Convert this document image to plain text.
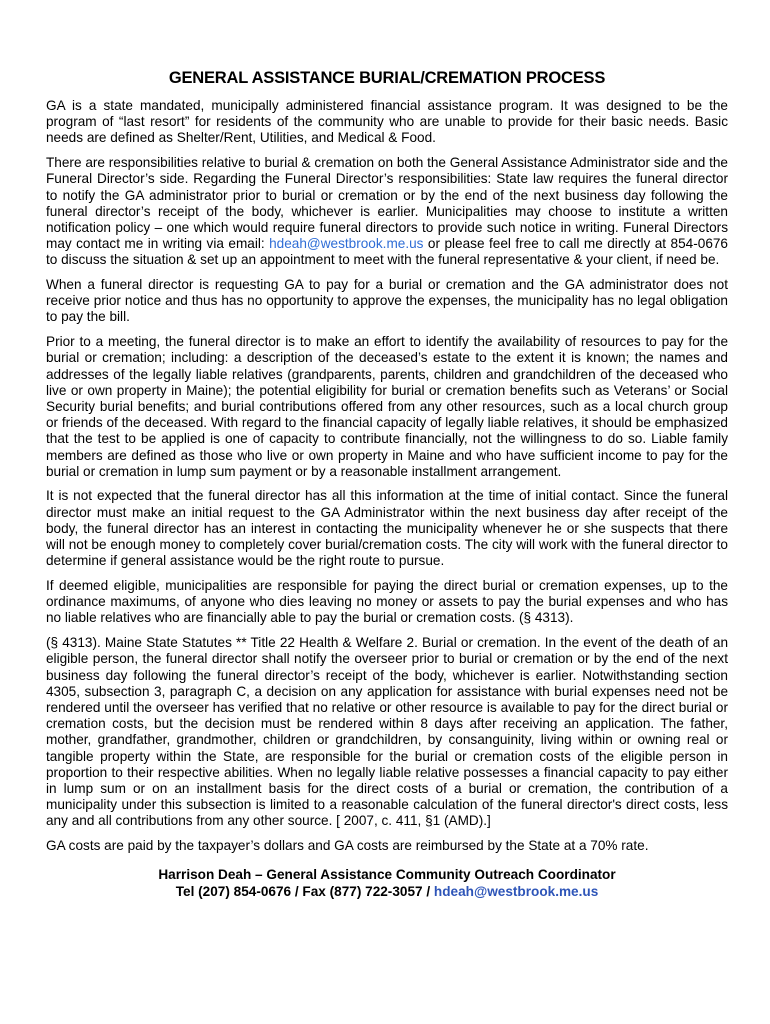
GENERAL ASSISTANCE BURIAL/CREMATION PROCESS

GA is a state mandated, municipally administered financial assistance program. It was designed to be the program of “last resort” for residents of the community who are unable to provide for their basic needs. Basic needs are defined as Shelter/Rent, Utilities, and Medical & Food.

There are responsibilities relative to burial & cremation on both the General Assistance Administrator side and the Funeral Director’s side. Regarding the Funeral Director’s responsibilities: State law requires the funeral director to notify the GA administrator prior to burial or cremation or by the end of the next business day following the funeral director’s receipt of the body, whichever is earlier. Municipalities may choose to institute a written notification policy – one which would require funeral directors to provide such notice in writing. Funeral Directors may contact me in writing via email: hdeah@westbrook.me.us or please feel free to call me directly at 854-0676 to discuss the situation & set up an appointment to meet with the funeral representative & your client, if need be.

When a funeral director is requesting GA to pay for a burial or cremation and the GA administrator does not receive prior notice and thus has no opportunity to approve the expenses, the municipality has no legal obligation to pay the bill.

Prior to a meeting, the funeral director is to make an effort to identify the availability of resources to pay for the burial or cremation; including: a description of the deceased’s estate to the extent it is known; the names and addresses of the legally liable relatives (grandparents, parents, children and grandchildren of the deceased who live or own property in Maine); the potential eligibility for burial or cremation benefits such as Veterans’ or Social Security burial benefits; and burial contributions offered from any other resources, such as a local church group or friends of the deceased. With regard to the financial capacity of legally liable relatives, it should be emphasized that the test to be applied is one of capacity to contribute financially, not the willingness to do so. Liable family members are defined as those who live or own property in Maine and who have sufficient income to pay for the burial or cremation in lump sum payment or by a reasonable installment arrangement.

It is not expected that the funeral director has all this information at the time of initial contact. Since the funeral director must make an initial request to the GA Administrator within the next business day after receipt of the body, the funeral director has an interest in contacting the municipality whenever he or she suspects that there will not be enough money to completely cover burial/cremation costs. The city will work with the funeral director to determine if general assistance would be the right route to pursue.

If deemed eligible, municipalities are responsible for paying the direct burial or cremation expenses, up to the ordinance maximums, of anyone who dies leaving no money or assets to pay the burial expenses and who has no liable relatives who are financially able to pay the burial or cremation costs. (§ 4313).

(§ 4313). Maine State Statutes ** Title 22 Health & Welfare 2. Burial or cremation. In the event of the death of an eligible person, the funeral director shall notify the overseer prior to burial or cremation or by the end of the next business day following the funeral director’s receipt of the body, whichever is earlier. Notwithstanding section 4305, subsection 3, paragraph C, a decision on any application for assistance with burial expenses need not be rendered until the overseer has verified that no relative or other resource is available to pay for the direct burial or cremation costs, but the decision must be rendered within 8 days after receiving an application. The father, mother, grandfather, grandmother, children or grandchildren, by consanguinity, living within or owning real or tangible property within the State, are responsible for the burial or cremation costs of the eligible person in proportion to their respective abilities. When no legally liable relative possesses a financial capacity to pay either in lump sum or on an installment basis for the direct costs of a burial or cremation, the contribution of a municipality under this subsection is limited to a reasonable calculation of the funeral director's direct costs, less any and all contributions from any other source. [ 2007, c. 411, §1 (AMD).]

GA costs are paid by the taxpayer’s dollars and GA costs are reimbursed by the State at a 70% rate.

Harrison Deah – General Assistance Community Outreach Coordinator
Tel (207) 854-0676 / Fax (877) 722-3057 / hdeah@westbrook.me.us
